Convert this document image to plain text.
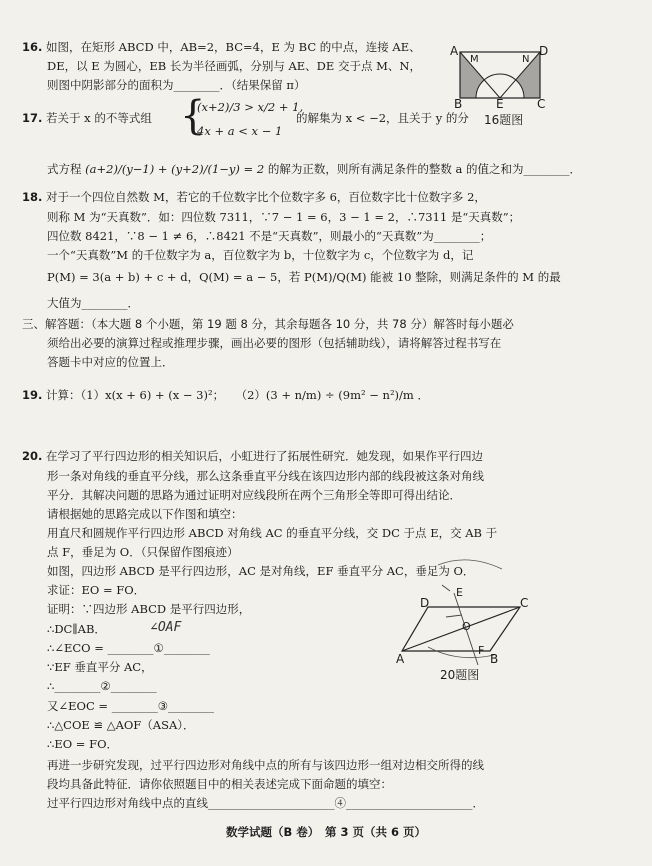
16. 如图，在矩形 ABCD 中，AB=2，BC=4，E 为 BC 的中点，连接 AE、
DE，以 E 为圆心，EB 长为半径画弧，分别与 AE、DE 交于点 M、N，
则图中阴影部分的面积为________．（结果保留 π）
A	D
M	N
B	E	C
16题图
17. 若关于 x 的不等式组 {
(x+2)/3 > x/2 + 1,
4x + a < x − 1
的解集为 x < −2，且关于 y 的分
式方程 (a+2)/(y−1) + (y+2)/(1−y) = 2 的解为正数，则所有满足条件的整数 a 的值之和为________．
18. 对于一个四位自然数 M，若它的千位数字比个位数字多 6，百位数字比十位数字多 2，
则称 M 为“天真数”．如：四位数 7311，∵7 − 1 = 6，3 − 1 = 2，∴7311 是“天真数”；
四位数 8421，∵8 − 1 ≠ 6，∴8421 不是“天真数”，则最小的“天真数”为________；
一个“天真数”M 的千位数字为 a，百位数字为 b，十位数字为 c，个位数字为 d，记
P(M) = 3(a + b) + c + d，Q(M) = a − 5，若 P(M)/Q(M) 能被 10 整除，则满足条件的 M 的最
大值为________．
三、解答题：（本大题 8 个小题，第 19 题 8 分，其余每题各 10 分，共 78 分）解答时每小题必
须给出必要的演算过程或推理步骤，画出必要的图形（包括辅助线），请将解答过程书写在
答题卡中对应的位置上．
19. 计算：（1）x(x + 6) + (x − 3)²；　　（2）(3 + n/m) ÷ (9m² − n²)/m ．
20. 在学习了平行四边形的相关知识后，小虹进行了拓展性研究．她发现，如果作平行四边
形一条对角线的垂直平分线，那么这条垂直平分线在该四边形内部的线段被这条对角线
平分．其解决问题的思路为通过证明对应线段所在两个三角形全等即可得出结论．
请根据她的思路完成以下作图和填空：
用直尺和圆规作平行四边形 ABCD 对角线 AC 的垂直平分线，交 DC 于点 E，交 AB 于
点 F，垂足为 O．（只保留作图痕迹）
如图，四边形 ABCD 是平行四边形，AC 是对角线，EF 垂直平分 AC，垂足为 O．
求证：EO = FO．
证明：∵四边形 ABCD 是平行四边形，
∴DC∥AB．	∠OAF
∴∠ECO = ________①________
∵EF 垂直平分 AC，
∴________②________
又∠EOC = ________③________
∴△COE ≌ △AOF（ASA）．
∴EO = FO．
再进一步研究发现，过平行四边形对角线中点的所有与该四边形一组对边相交所得的线
段均具备此特征．请你依照题目中的相关表述完成下面命题的填空：
过平行四边形对角线中点的直线______________________④______________________．
D	C
E
O
F
A	B
20题图
数学试题（B 卷）　第 3 页（共 6 页）
